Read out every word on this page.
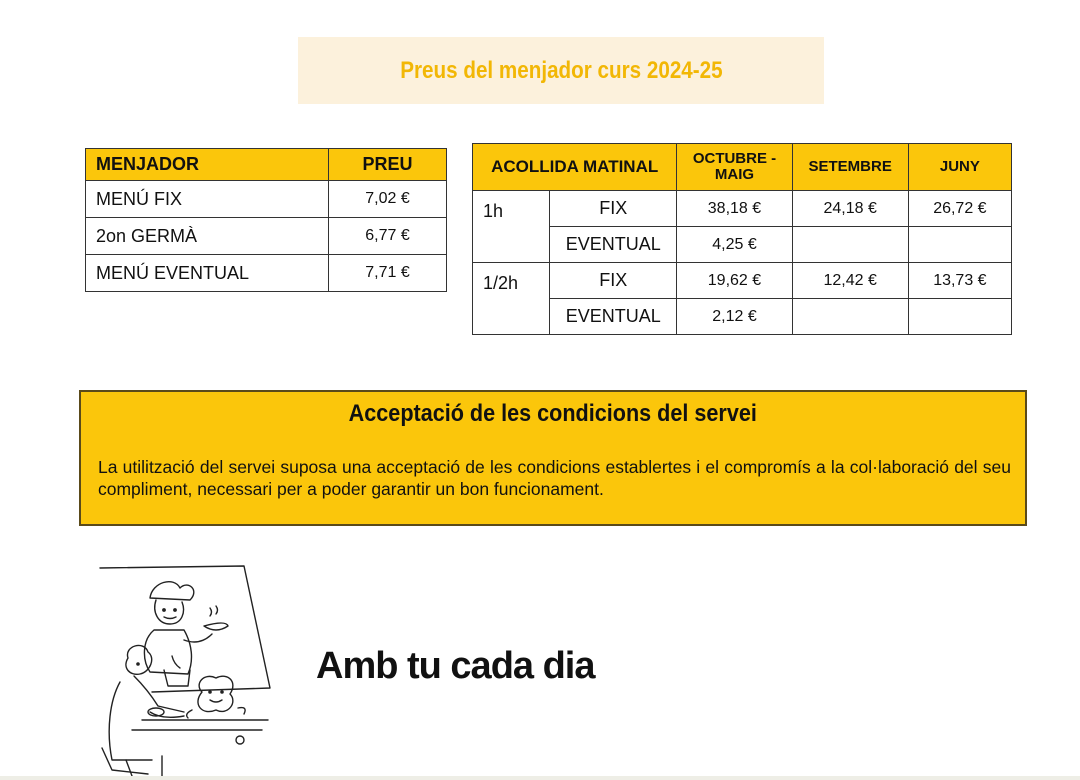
Preus del menjador curs 2024-25
MENJADOR	PREU
MENÚ FIX	7,02 €
2on GERMÀ	6,77 €
MENÚ EVENTUAL	7,71 €
ACOLLIDA MATINAL		OCTUBRE - MAIG	SETEMBRE	JUNY
1h	FIX	38,18 €	24,18 €	26,72 €
	EVENTUAL	4,25 €		
1/2h	FIX	19,62 €	12,42 €	13,73 €
	EVENTUAL	2,12 €		
Acceptació de les condicions del servei

La utilització del servei suposa una acceptació de les condicions establertes i el compromís a la col·laboració del seu compliment, necessari per a poder garantir un bon funcionament.

Amb tu cada dia
